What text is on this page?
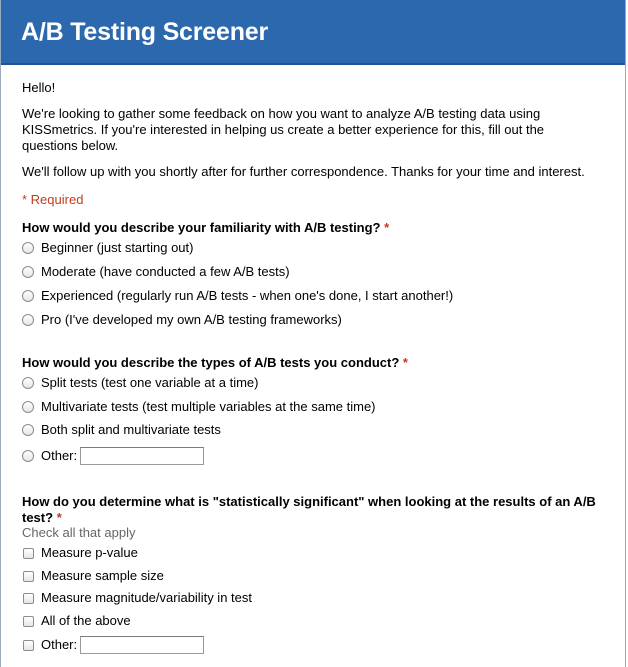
A/B Testing Screener

Hello!

We're looking to gather some feedback on how you want to analyze A/B testing data using KISSmetrics. If you're interested in helping us create a better experience for this, fill out the questions below.

We'll follow up with you shortly after for further correspondence. Thanks for your time and interest.

* Required

How would you describe your familiarity with A/B testing? *
Beginner (just starting out)
Moderate (have conducted a few A/B tests)
Experienced (regularly run A/B tests - when one's done, I start another!)
Pro (I've developed my own A/B testing frameworks)
How would you describe the types of A/B tests you conduct? *
Split tests (test one variable at a time)
Multivariate tests (test multiple variables at the same time)
Both split and multivariate tests
Other:
How do you determine what is "statistically significant" when looking at the results of an A/B test? *
Check all that apply
Measure p-value
Measure sample size
Measure magnitude/variability in test
All of the above
Other:
